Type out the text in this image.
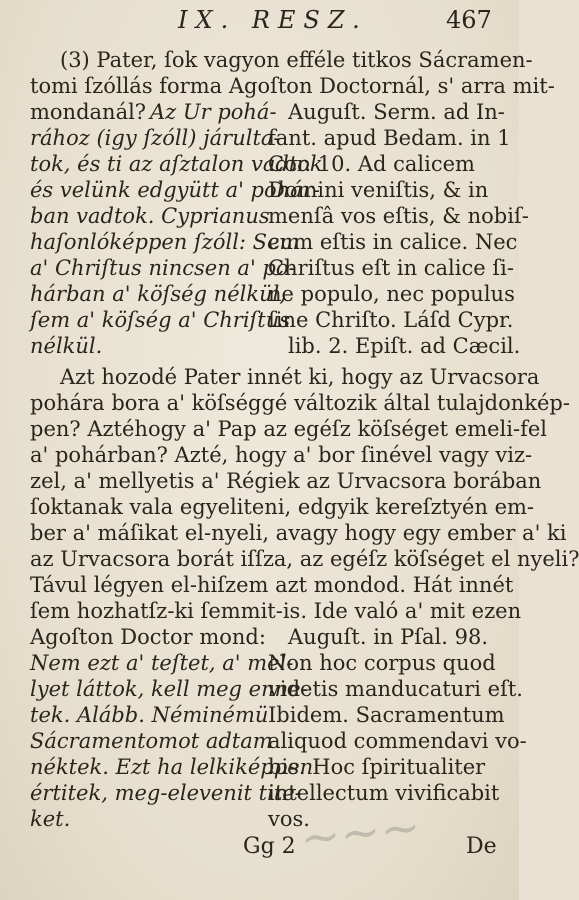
IX. RESZ.	467
(3) Pater, ſok vagyon efféle titkos Sácramen-
tomi ſzóllás forma Agoſton Doctornál, s' arra mit-
mondanál? Az Ur pohá-
rához (igy ſzóll) járulta-
tok, és ti az aſztalon vadtok
és velünk edgyütt a' pohár-
ban vadtok. Cyprianus
haſonlóképpen ſzóll: Sem
a' Chriſtus nincsen a' po-
hárban a' köſség nélkül,
ſem a' köſség a' Chriſtus
nélkül.
Auguſt. Serm. ad In-
fant. apud Bedam. in 1
Cor. 10. Ad calicem
Domini veniſtis, & in
menſâ vos eſtis, & nobiſ-
cum eſtis in calice. Nec
Chriſtus eſt in calice ſi-
ne populo, nec populus
ſine Chriſto. Láſd Cypr.
lib. 2. Epiſt. ad Cæcil.
Azt hozodé Pater innét ki, hogy az Urvacsora
pohára bora a' köſséggé változik által tulajdonkép-
pen? Aztéhogy a' Pap az egéſz köſséget emeli-fel
a' pohárban? Azté, hogy a' bor ſinével vagy viz-
zel, a' mellyetis a' Régiek az Urvacsora borában
ſoktanak vala egyeliteni, edgyik kereſztyén em-
ber a' máſikat el-nyeli, avagy hogy egy ember a' ki
az Urvacsora borát iſſza, az egéſz köſséget el nyeli?
Távul légyen el-hiſzem azt mondod. Hát innét
ſem hozhatſz-ki ſemmit-is. Ide való a' mit ezen
Agoſton Doctor mond:
Nem ezt a' teſtet, a' mel-
lyet láttok, kell meg enne-
tek. Alább. Néminémü
Sácramentomot adtam
néktek. Ezt ha lelkiképpen
értitek, meg-elevenit tite-
ket.
Auguſt. in Pſal. 98.
Non hoc corpus quod
videtis manducaturi eſt.
Ibidem. Sacramentum
aliquod commendavi vo-
bis. Hoc ſpiritualiter
intellectum vivificabit
vos.
~~~
Gg 2	De
